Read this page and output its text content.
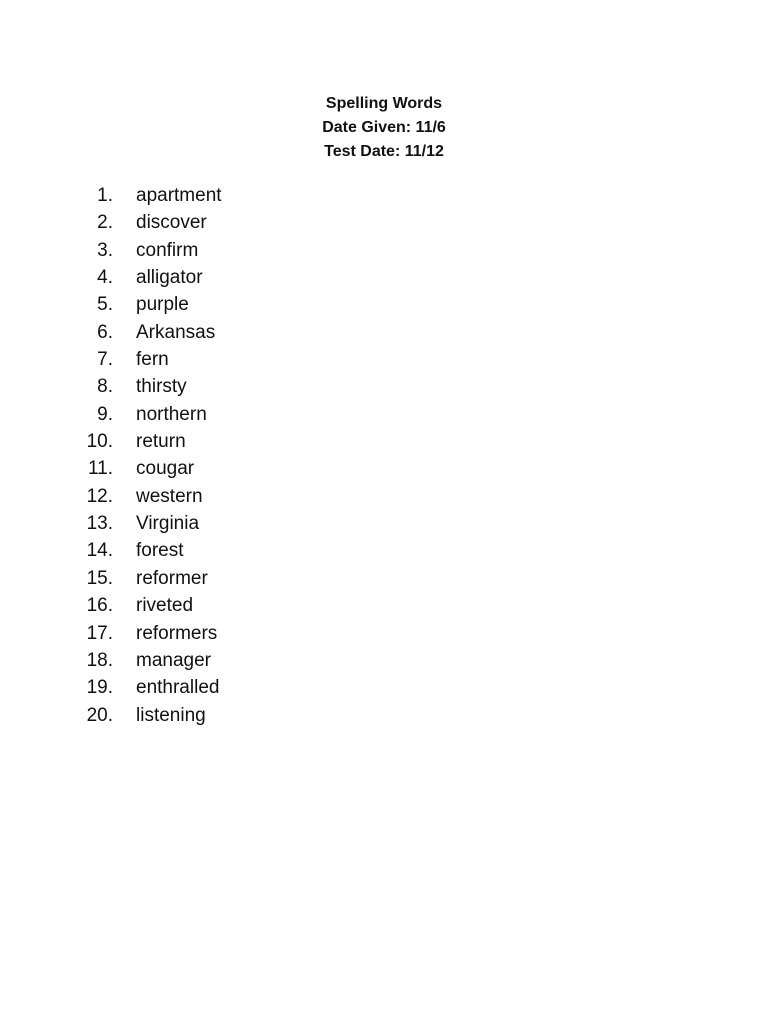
Spelling Words
Date Given: 11/6
Test Date: 11/12
1. apartment
2. discover
3. confirm
4. alligator
5. purple
6. Arkansas
7. fern
8. thirsty
9. northern
10. return
11. cougar
12. western
13. Virginia
14. forest
15. reformer
16. riveted
17. reformers
18. manager
19. enthralled
20. listening
